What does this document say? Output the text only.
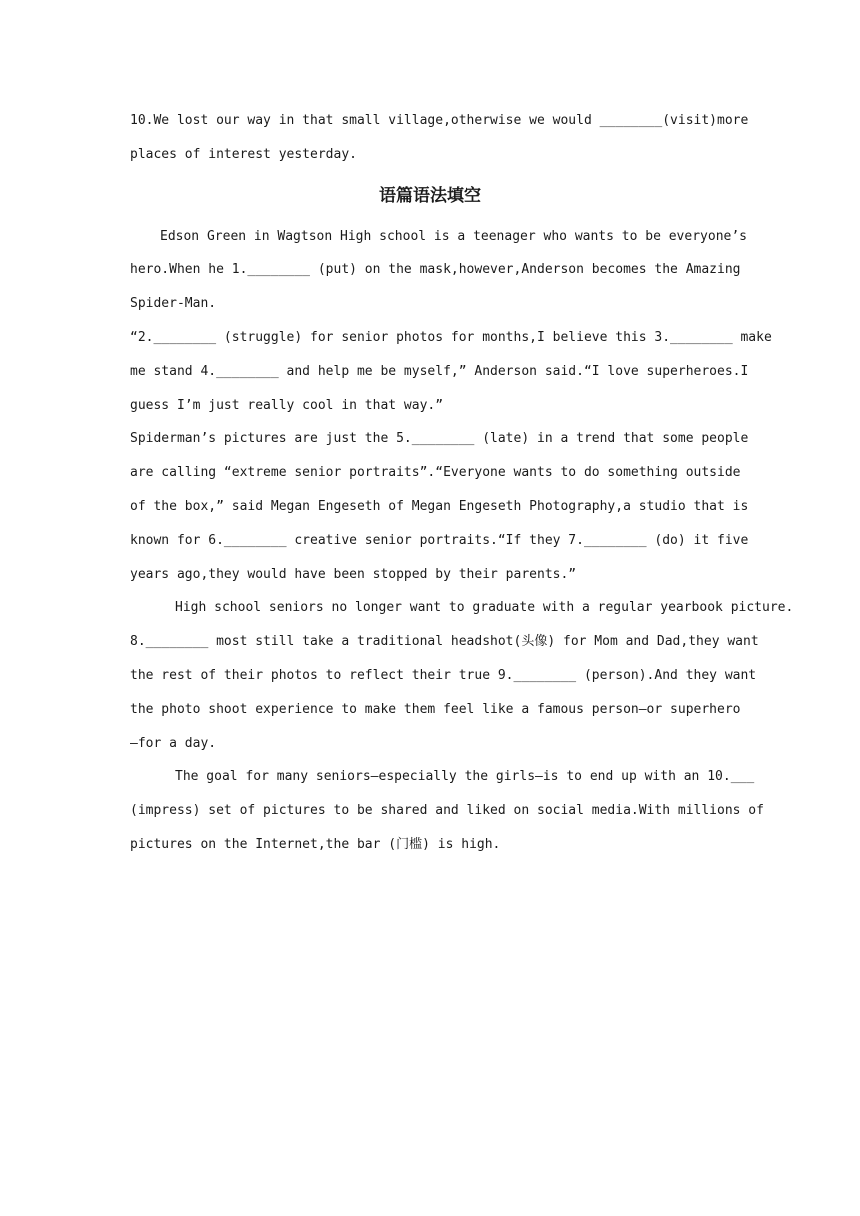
10.We lost our way in that small village,otherwise we would ________(visit)more
places of interest yesterday.
语篇语法填空
Edson Green in Wagtson High school is a teenager who wants to be everyone’s
hero.When he 1.________ (put) on the mask,however,Anderson becomes the Amazing
Spider-Man.
“2.________ (struggle) for senior photos for months,I believe this 3.________ make
me stand 4.________ and help me be myself,” Anderson said.“I love superheroes.I
guess I’m just really cool in that way.”
Spiderman’s pictures are just the 5.________ (late) in a trend that some people
are calling “extreme senior portraits”.“Everyone wants to do something outside
of the box,” said Megan Engeseth of Megan Engeseth Photography,a studio that is
known for 6.________ creative senior portraits.“If they 7.________ (do) it five
years ago,they would have been stopped by their parents.”
High school seniors no longer want to graduate with a regular yearbook picture.
8.________ most still take a traditional headshot(头像) for Mom and Dad,they want
the rest of their photos to reflect their true 9.________ (person).And they want
the photo shoot experience to make them feel like a famous person—or superhero
—for a day.
The goal for many seniors—especially the girls—is to end up with an 10.___
(impress) set of pictures to be shared and liked on social media.With millions of
pictures on the Internet,the bar (门槛) is high.
